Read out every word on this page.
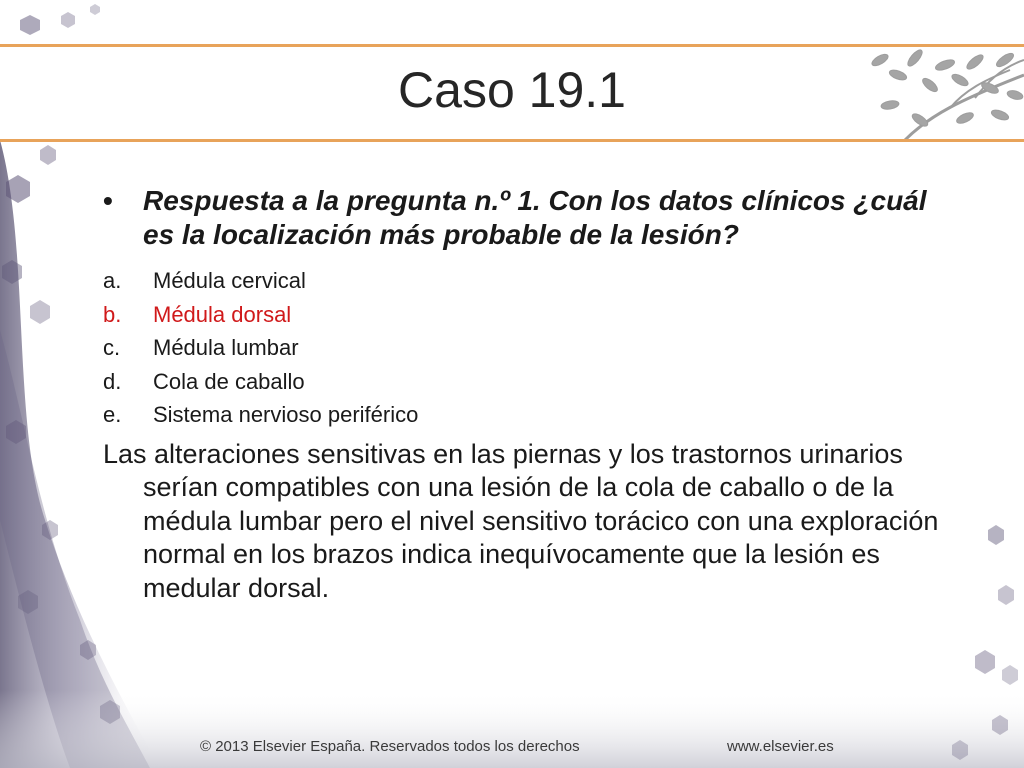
Caso 19.1

• Respuesta a la pregunta n.º 1. Con los datos clínicos ¿cuál es la localización más probable de la lesión?

a. Médula cervical
b. Médula dorsal
c. Médula lumbar
d. Cola de caballo
e. Sistema nervioso periférico

Las alteraciones sensitivas en las piernas y los trastornos urinarios serían compatibles con una lesión de la cola de caballo o de la médula lumbar pero el nivel sensitivo torácico con una exploración normal en los brazos indica inequívocamente que la lesión es medular dorsal.

© 2013 Elsevier España. Reservados todos los derechos	www.elsevier.es
